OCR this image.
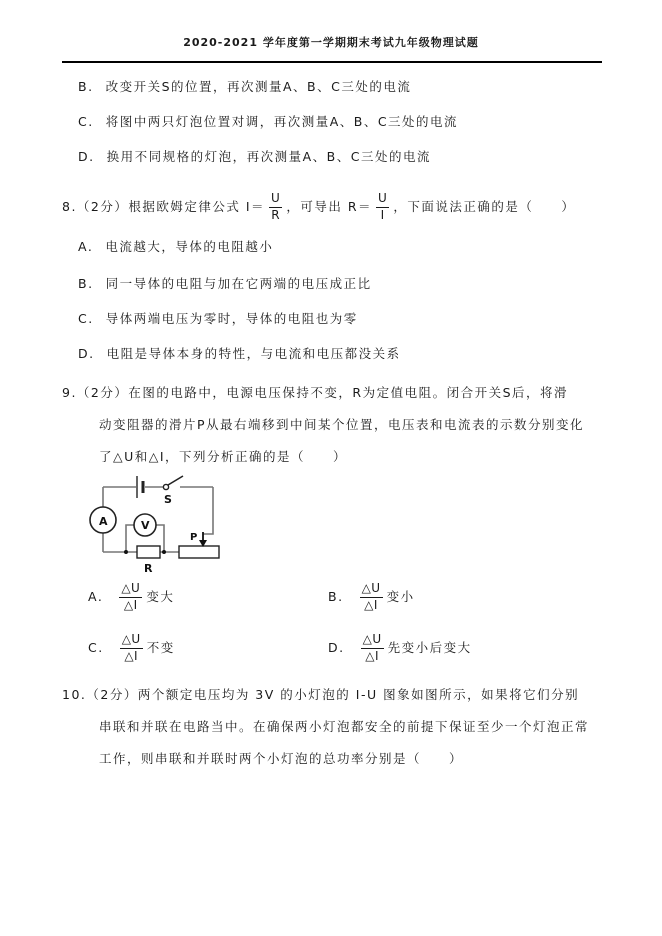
2020-2021 学年度第一学期期末考试九年级物理试题
B. 改变开关S的位置，再次测量A、B、C三处的电流
C. 将图中两只灯泡位置对调，再次测量A、B、C三处的电流
D. 换用不同规格的灯泡，再次测量A、B、C三处的电流
8.（2分）根据欧姆定律公式 $I= \frac{U}{R}$ ，可导出 $R= \frac{U}{I}$ ，下面说法正确的是（　　）
A. 电流越大，导体的电阻越小
B. 同一导体的电阻与加在它两端的电压成正比
C. 导体两端电压为零时，导体的电阻也为零
D. 电阻是导体本身的特性，与电流和电压都没关系
9.（2分）在图的电路中，电源电压保持不变，R为定值电阻。闭合开关S后，将滑
动变阻器的滑片P从最右端移到中间某个位置，电压表和电流表的示数分别变化
了△U和△I，下列分析正确的是（　　）
S
A	V
R
P
A. $\frac{\triangle U}{\triangle I}$ 变大	B. $\frac{\triangle U}{\triangle I}$ 变小
C. $\frac{\triangle U}{\triangle I}$ 不变	D. $\frac{\triangle U}{\triangle I}$ 先变小后变大
10.（2分）两个额定电压均为 3V 的小灯泡的 I-U 图象如图所示，如果将它们分别
串联和并联在电路当中。在确保两小灯泡都安全的前提下保证至少一个灯泡正常
工作，则串联和并联时两个小灯泡的总功率分别是（　　）
